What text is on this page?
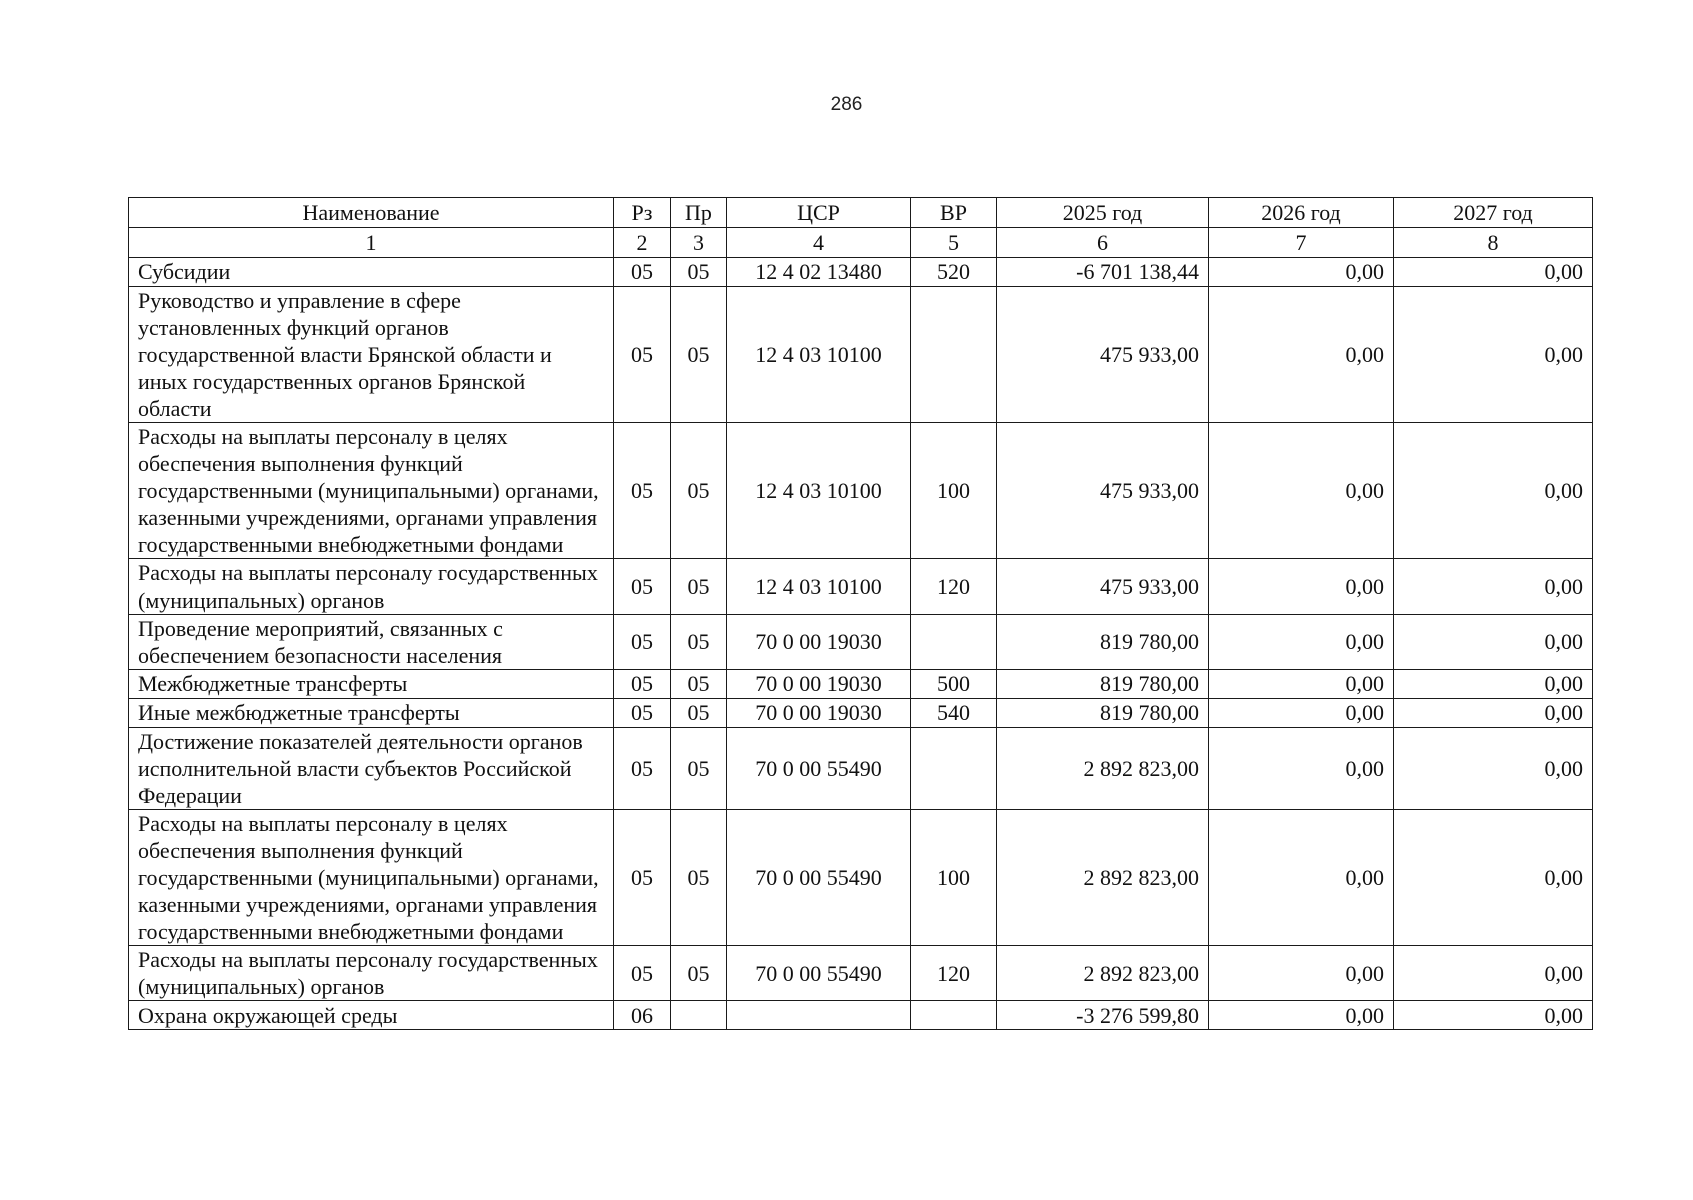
286
Наименование	Рз	Пр	ЦСР	ВР	2025 год	2026 год	2027 год
1	2	3	4	5	6	7	8
Субсидии	05	05	12 4 02 13480	520	-6 701 138,44	0,00	0,00
Руководство и управление в сфере установленных функций органов государственной власти Брянской области и иных государственных органов Брянской области	05	05	12 4 03 10100		475 933,00	0,00	0,00
Расходы на выплаты персоналу в целях обеспечения выполнения функций государственными (муниципальными) органами, казенными учреждениями, органами управления государственными внебюджетными фондами	05	05	12 4 03 10100	100	475 933,00	0,00	0,00
Расходы на выплаты персоналу государственных (муниципальных) органов	05	05	12 4 03 10100	120	475 933,00	0,00	0,00
Проведение мероприятий, связанных с обеспечением безопасности населения	05	05	70 0 00 19030		819 780,00	0,00	0,00
Межбюджетные трансферты	05	05	70 0 00 19030	500	819 780,00	0,00	0,00
Иные межбюджетные трансферты	05	05	70 0 00 19030	540	819 780,00	0,00	0,00
Достижение показателей деятельности органов исполнительной власти субъектов Российской Федерации	05	05	70 0 00 55490		2 892 823,00	0,00	0,00
Расходы на выплаты персоналу в целях обеспечения выполнения функций государственными (муниципальными) органами, казенными учреждениями, органами управления государственными внебюджетными фондами	05	05	70 0 00 55490	100	2 892 823,00	0,00	0,00
Расходы на выплаты персоналу государственных (муниципальных) органов	05	05	70 0 00 55490	120	2 892 823,00	0,00	0,00
Охрана окружающей среды	06				-3 276 599,80	0,00	0,00
